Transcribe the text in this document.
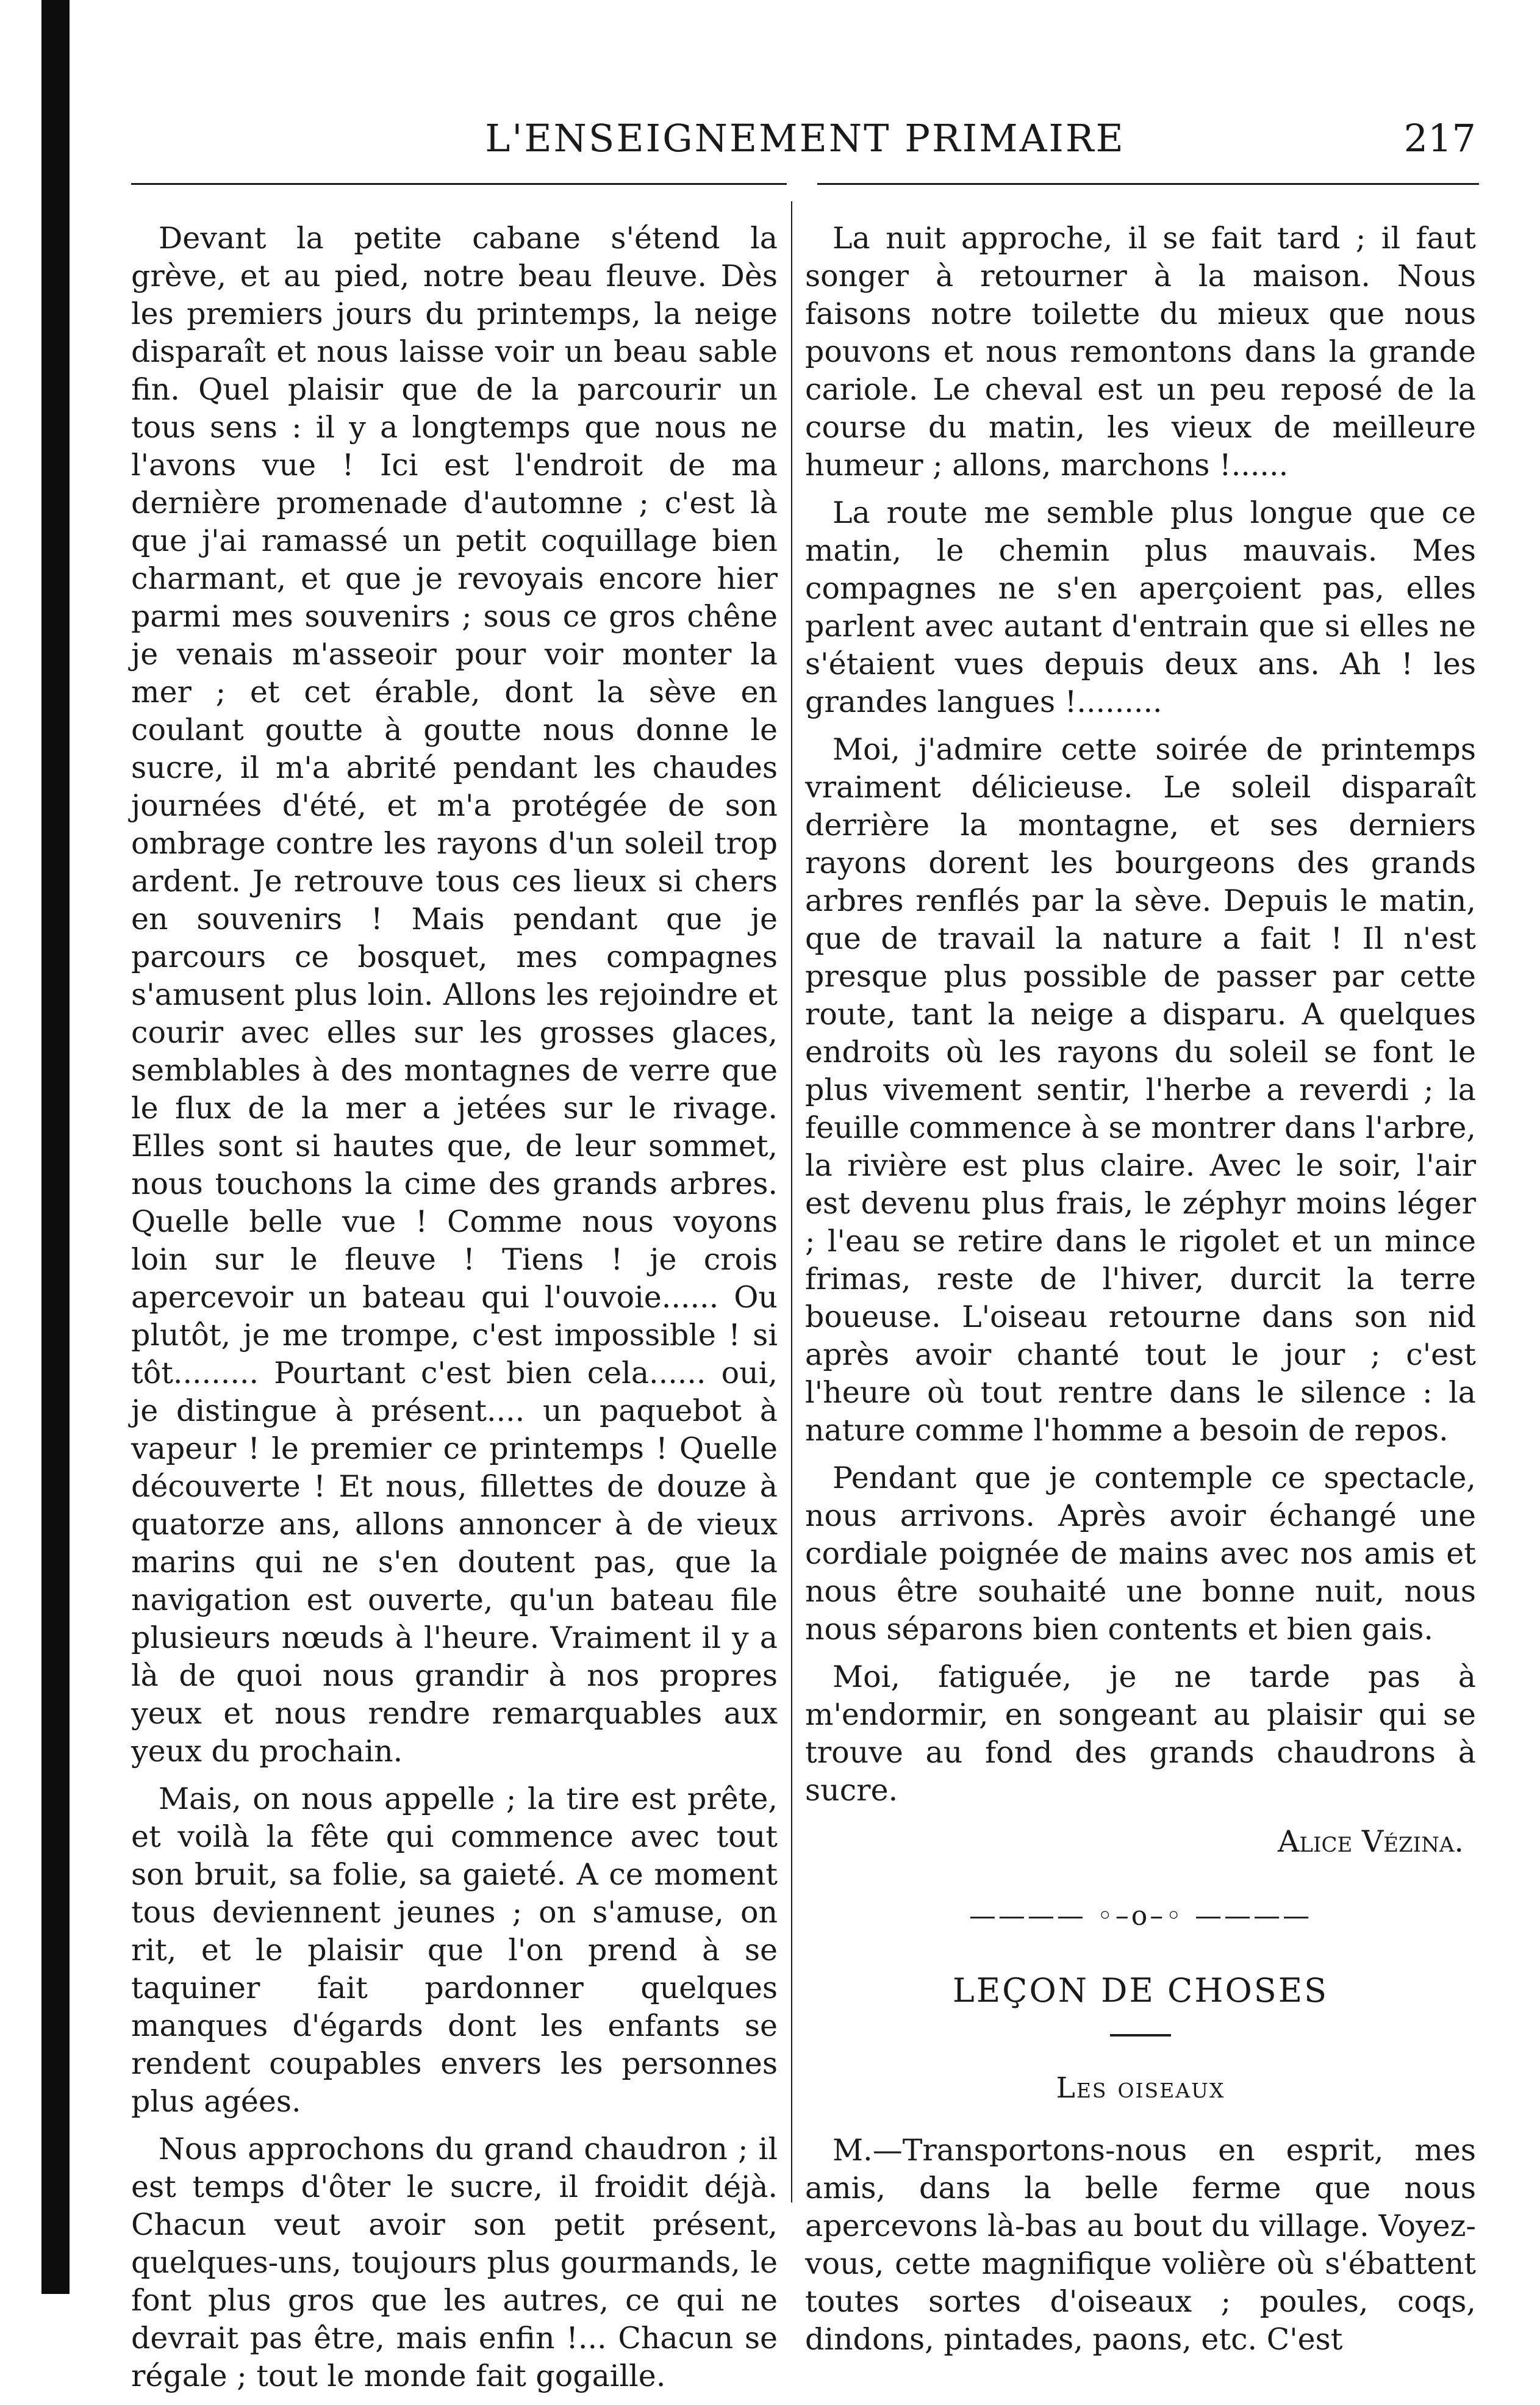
L'ENSEIGNEMENT PRIMAIRE	217

Devant la petite cabane s'étend la grève, et au pied, notre beau fleuve. Dès les premiers jours du printemps, la neige disparaît et nous laisse voir un beau sable fin. Quel plaisir que de la parcourir un tous sens : il y a longtemps que nous ne l'avons vue ! Ici est l'endroit de ma dernière promenade d'automne ; c'est là que j'ai ramassé un petit coquillage bien charmant, et que je revoyais encore hier parmi mes souvenirs ; sous ce gros chêne je venais m'asseoir pour voir monter la mer ; et cet érable, dont la sève en coulant goutte à goutte nous donne le sucre, il m'a abrité pendant les chaudes journées d'été, et m'a protégée de son ombrage contre les rayons d'un soleil trop ardent. Je retrouve tous ces lieux si chers en souvenirs ! Mais pendant que je parcours ce bosquet, mes compagnes s'amusent plus loin. Allons les rejoindre et courir avec elles sur les grosses glaces, semblables à des montagnes de verre que le flux de la mer a jetées sur le rivage. Elles sont si hautes que, de leur sommet, nous touchons la cime des grands arbres. Quelle belle vue ! Comme nous voyons loin sur le fleuve ! Tiens ! je crois apercevoir un bateau qui l'ouvoie...... Ou plutôt, je me trompe, c'est impossible ! si tôt......... Pourtant c'est bien cela...... oui, je distingue à présent.... un paquebot à vapeur ! le premier ce printemps ! Quelle découverte ! Et nous, fillettes de douze à quatorze ans, allons annoncer à de vieux marins qui ne s'en doutent pas, que la navigation est ouverte, qu'un bateau file plusieurs nœuds à l'heure. Vraiment il y a là de quoi nous grandir à nos propres yeux et nous rendre remarquables aux yeux du prochain.

Mais, on nous appelle ; la tire est prête, et voilà la fête qui commence avec tout son bruit, sa folie, sa gaieté. A ce moment tous deviennent jeunes ; on s'amuse, on rit, et le plaisir que l'on prend à se taquiner fait pardonner quelques manques d'égards dont les enfants se rendent coupables envers les personnes plus agées.

Nous approchons du grand chaudron ; il est temps d'ôter le sucre, il froidit déjà. Chacun veut avoir son petit présent, quelques-uns, toujours plus gourmands, le font plus gros que les autres, ce qui ne devrait pas être, mais enfin !... Chacun se régale ; tout le monde fait gogaille.

La nuit approche, il se fait tard ; il faut songer à retourner à la maison. Nous faisons notre toilette du mieux que nous pouvons et nous remontons dans la grande cariole. Le cheval est un peu reposé de la course du matin, les vieux de meilleure humeur ; allons, marchons !......

La route me semble plus longue que ce matin, le chemin plus mauvais. Mes compagnes ne s'en aperçoient pas, elles parlent avec autant d'entrain que si elles ne s'étaient vues depuis deux ans. Ah ! les grandes langues !.........

Moi, j'admire cette soirée de printemps vraiment délicieuse. Le soleil disparaît derrière la montagne, et ses derniers rayons dorent les bourgeons des grands arbres renflés par la sève. Depuis le matin, que de travail la nature a fait ! Il n'est presque plus possible de passer par cette route, tant la neige a disparu. A quelques endroits où les rayons du soleil se font le plus vivement sentir, l'herbe a reverdi ; la feuille commence à se montrer dans l'arbre, la rivière est plus claire. Avec le soir, l'air est devenu plus frais, le zéphyr moins léger ; l'eau se retire dans le rigolet et un mince frimas, reste de l'hiver, durcit la terre boueuse. L'oiseau retourne dans son nid après avoir chanté tout le jour ; c'est l'heure où tout rentre dans le silence : la nature comme l'homme a besoin de repos.

Pendant que je contemple ce spectacle, nous arrivons. Après avoir échangé une cordiale poignée de mains avec nos amis et nous être souhaité une bonne nuit, nous nous séparons bien contents et bien gais.

Moi, fatiguée, je ne tarde pas à m'endormir, en songeant au plaisir qui se trouve au fond des grands chaudrons à sucre.

Alice Vézina.
———— ◦–o–◦ ————
LEÇON DE CHOSES
Les oiseaux

M.—Transportons-nous en esprit, mes amis, dans la belle ferme que nous apercevons là-bas au bout du village. Voyez-vous, cette magnifique volière où s'ébattent toutes sortes d'oiseaux ; poules, coqs, dindons, pintades, paons, etc. C'est
